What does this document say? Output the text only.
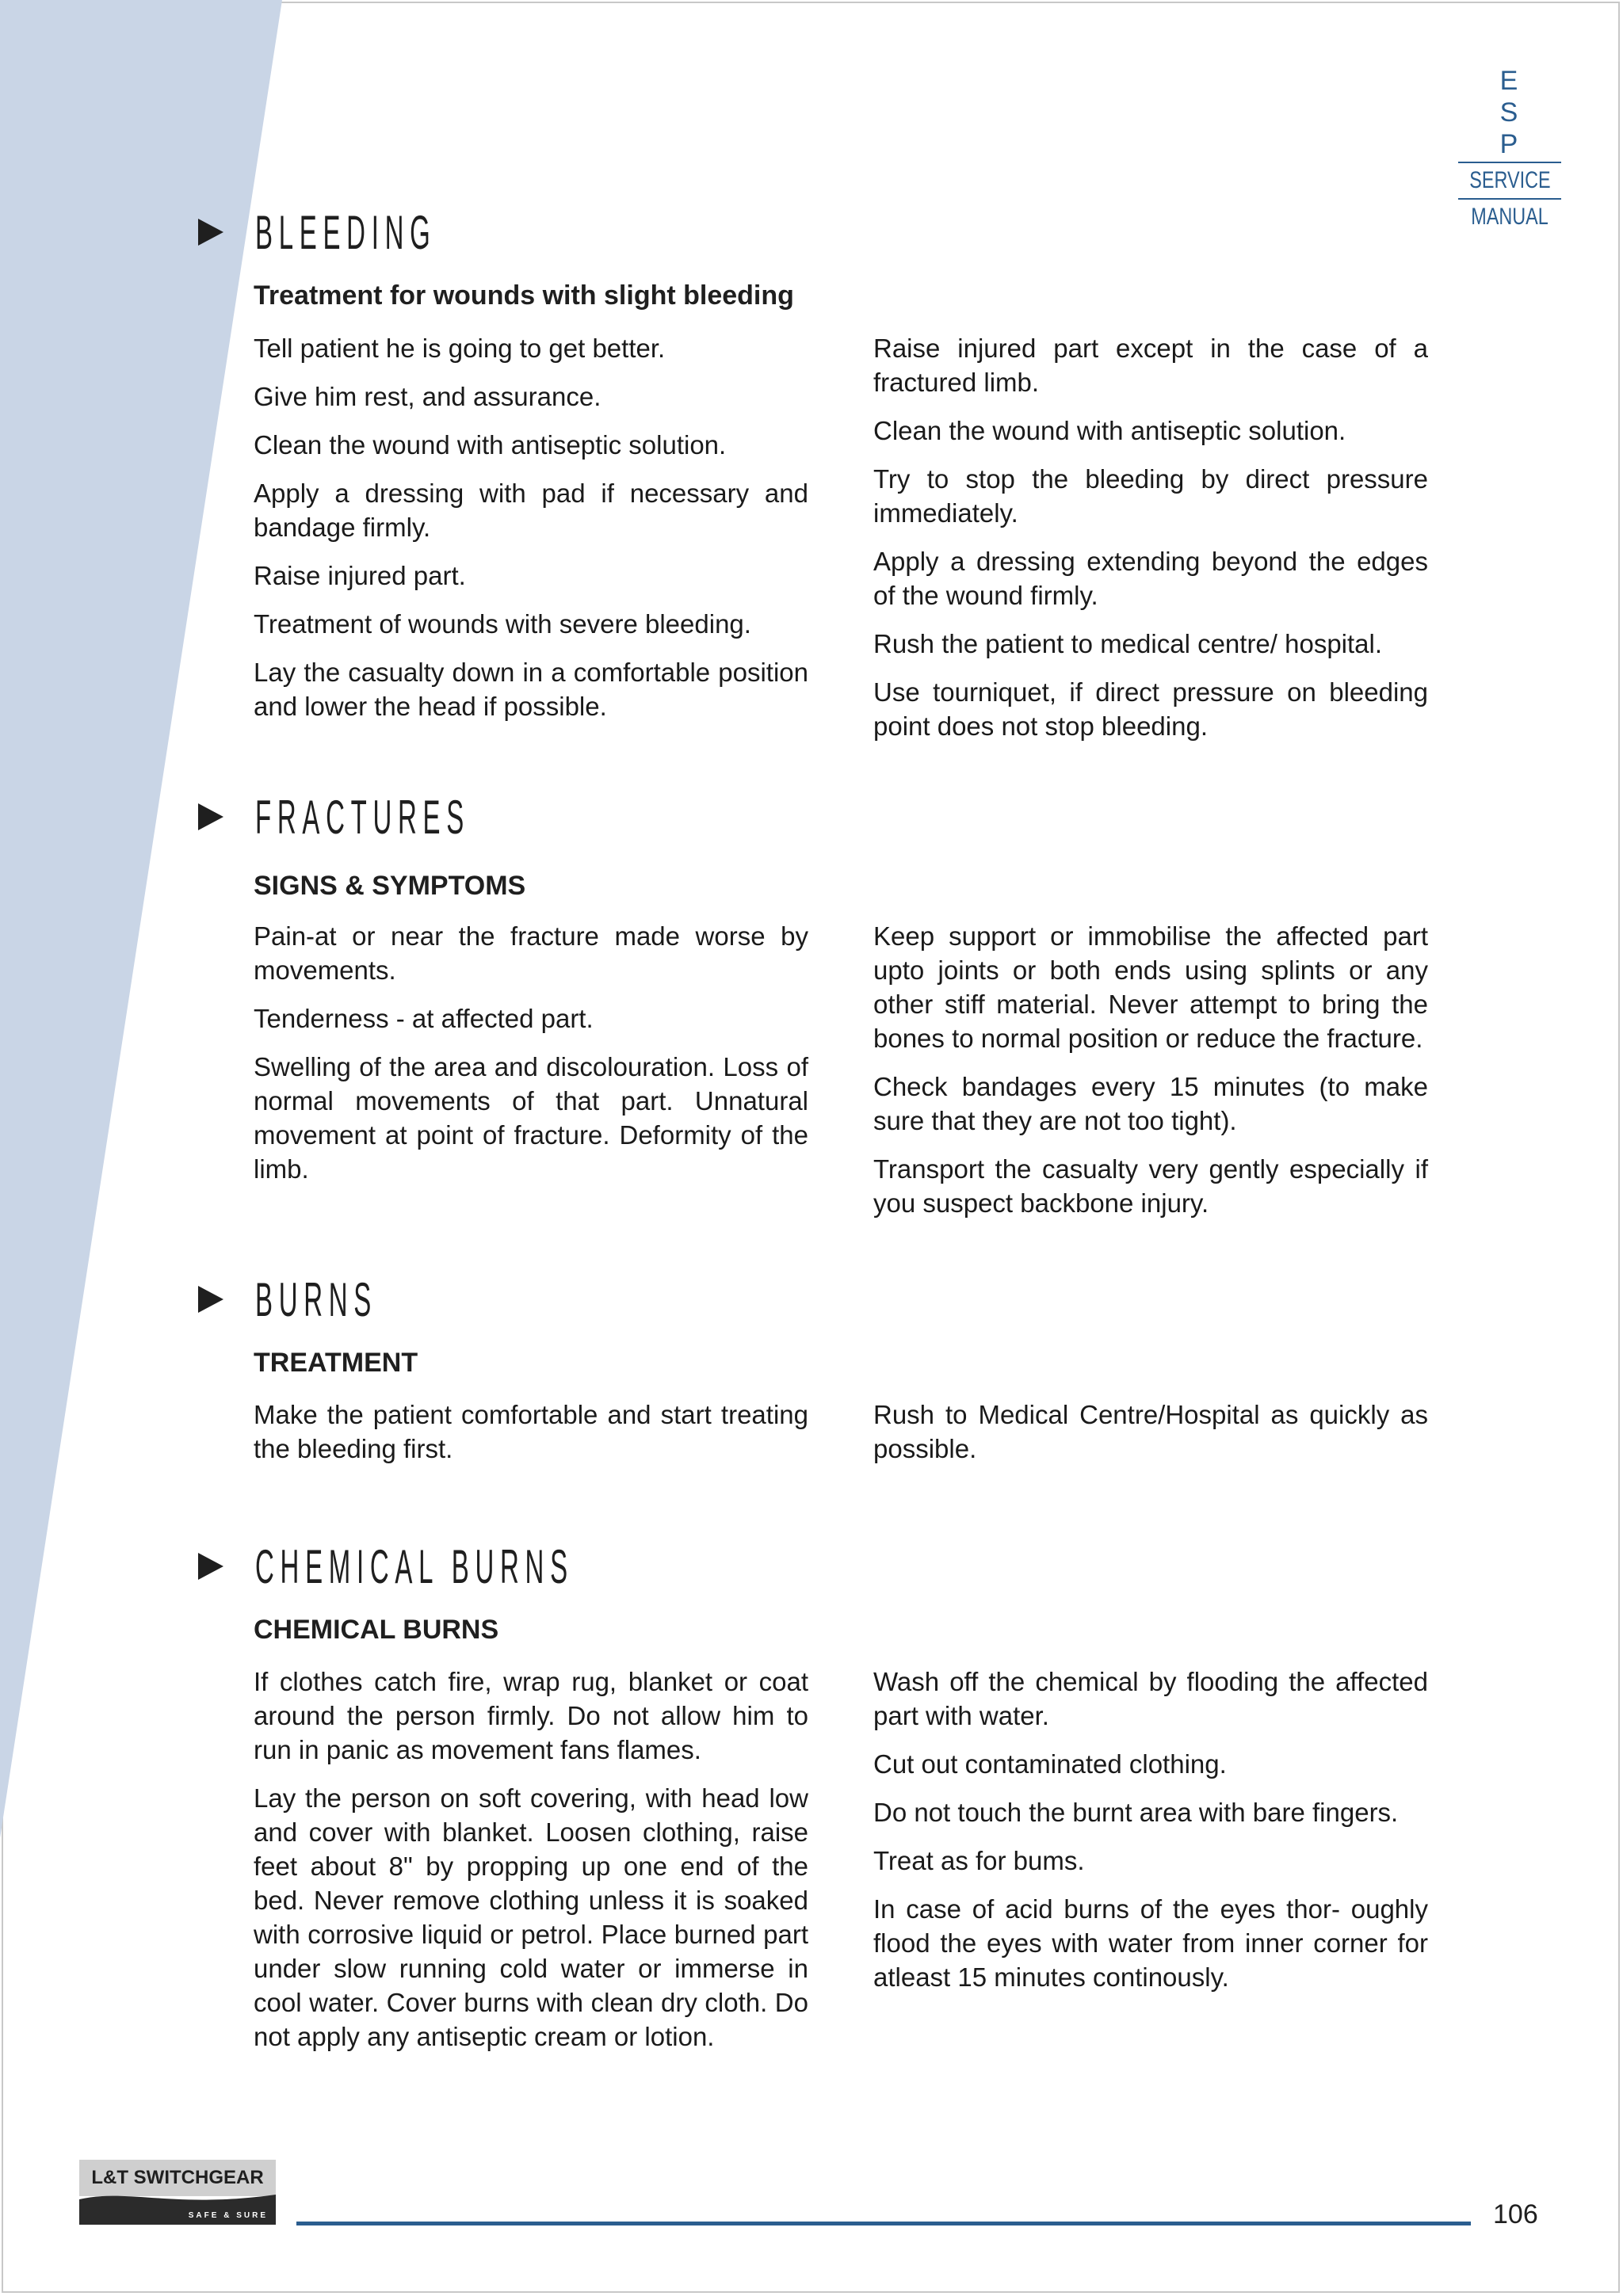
E S P
SERVICE
MANUAL
BLEEDING
Treatment for wounds with slight bleeding

Tell patient he is going to get better.

Give him rest, and assurance.

Clean the wound with antiseptic solution.

Apply a dressing with pad if necessary and bandage firmly.

Raise injured part.

Treatment of wounds with severe bleeding.

Lay the casualty down in a comfortable position and lower the head if possible.

Raise injured part except in the case of a fractured limb.

Clean the wound with antiseptic solution.

Try to stop the bleeding by direct pressure immediately.

Apply a dressing extending beyond the edges of the wound firmly.

Rush the patient to medical centre/ hospital.

Use tourniquet, if direct pressure on bleeding point does not stop bleeding.

FRACTURES
SIGNS & SYMPTOMS

Pain-at or near the fracture made worse by movements.

Tenderness - at affected part.

Swelling of the area and discolouration. Loss of normal movements of that part. Unnatural movement at point of fracture. Deformity of the limb.

Keep support or immobilise the affected part upto joints or both ends using splints or any other stiff material. Never attempt to bring the bones to normal position or reduce the fracture.

Check bandages every 15 minutes (to make sure that they are not too tight).

Transport the casualty very gently especially if you suspect backbone injury.

BURNS
TREATMENT

Make the patient comfortable and start treating the bleeding first.

Rush to Medical Centre/Hospital as quickly as possible.

CHEMICAL BURNS
CHEMICAL BURNS

If clothes catch fire, wrap rug, blanket or coat around the person firmly. Do not allow him to run in panic as movement fans flames.

Lay the person on soft covering, with head low and cover with blanket. Loosen clothing, raise feet about 8" by propping up one end of the bed. Never remove clothing unless it is soaked with corrosive liquid or petrol. Place burned part under slow running cold water or immerse in cool water. Cover burns with clean dry cloth. Do not apply any antiseptic cream or lotion.

Wash off the chemical by flooding the affected part with water.

Cut out contaminated clothing.

Do not touch the burnt area with bare fingers.

Treat as for bums.

In case of acid burns of the eyes thor- oughly flood the eyes with water from inner corner for atleast 15 minutes continously.

L&T SWITCHGEAR
SAFE & SURE	106
